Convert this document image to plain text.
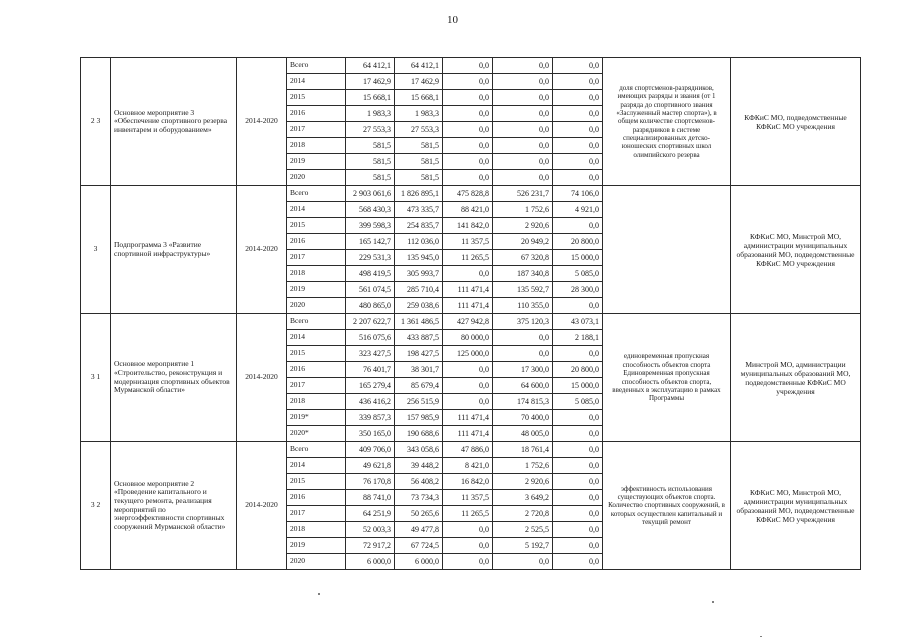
10
2 3	Основное мероприятие 3 «Обеспечение спортивного резерва инвентарем и оборудованием»	2014-2020	Всего	64 412,1	64 412,1	0,0	0,0	0,0	доля спортсменов-разрядников, имеющих разряды и звания (от 1 разряда до спортивного звания «Заслуженный мастер спорта»), в общем количестве спортсменов-разрядников в системе специализированных детско-юношеских спортивных школ олимпийского резерва	КФКиС МО, подведомственные КФКиС МО учреждения
			2014	17 462,9	17 462,9	0,0	0,0	0,0		
			2015	15 668,1	15 668,1	0,0	0,0	0,0		
			2016	1 983,3	1 983,3	0,0	0,0	0,0		
			2017	27 553,3	27 553,3	0,0	0,0	0,0		
			2018	581,5	581,5	0,0	0,0	0,0		
			2019	581,5	581,5	0,0	0,0	0,0		
			2020	581,5	581,5	0,0	0,0	0,0		
3	Подпрограмма 3 «Развитие спортивной инфраструктуры»	2014-2020	Всего	2 903 061,6	1 826 895,1	475 828,8	526 231,7	74 106,0		КФКиС МО, Минстрой МО, администрации муниципальных образований МО, подведомственные КФКиС МО учреждения
			2014	568 430,3	473 335,7	88 421,0	1 752,6	4 921,0		
			2015	399 598,3	254 835,7	141 842,0	2 920,6	0,0		
			2016	165 142,7	112 036,0	11 357,5	20 949,2	20 800,0		
			2017	229 531,3	135 945,0	11 265,5	67 320,8	15 000,0		
			2018	498 419,5	305 993,7	0,0	187 340,8	5 085,0		
			2019	561 074,5	285 710,4	111 471,4	135 592,7	28 300,0		
			2020	480 865,0	259 038,6	111 471,4	110 355,0	0,0		
3 1	Основное мероприятие 1 «Строительство, реконструкция и модернизация спортивных объектов Мурманской области»	2014-2020	Всего	2 207 622,7	1 361 486,5	427 942,8	375 120,3	43 073,1	единовременная пропускная способность объектов спорта Единовременная пропускная способность объектов спорта, введенных в эксплуатацию в рамках Программы	Минстрой МО, администрации муниципальных образований МО, подведомственные КФКиС МО учреждения
			2014	516 075,6	433 887,5	80 000,0	0,0	2 188,1		
			2015	323 427,5	198 427,5	125 000,0	0,0	0,0		
			2016	76 401,7	38 301,7	0,0	17 300,0	20 800,0		
			2017	165 279,4	85 679,4	0,0	64 600,0	15 000,0		
			2018	436 416,2	256 515,9	0,0	174 815,3	5 085,0		
			2019*	339 857,3	157 985,9	111 471,4	70 400,0	0,0		
			2020*	350 165,0	190 688,6	111 471,4	48 005,0	0,0		
3 2	Основное мероприятие 2 «Проведение капитального и текущего ремонта, реализация мероприятий по энергоэффективности спортивных сооружений Мурманской области»	2014-2020	Всего	409 706,0	343 058,6	47 886,0	18 761,4	0,0	эффективность использования существующих объектов спорта. Количество спортивных сооружений, в которых осуществлен капитальный и текущий ремонт	КФКиС МО, Минстрой МО, администрации муниципальных образований МО, подведомственные КФКиС МО учреждения
			2014	49 621,8	39 448,2	8 421,0	1 752,6	0,0		
			2015	76 170,8	56 408,2	16 842,0	2 920,6	0,0		
			2016	88 741,0	73 734,3	11 357,5	3 649,2	0,0		
			2017	64 251,9	50 265,6	11 265,5	2 720,8	0,0		
			2018	52 003,3	49 477,8	0,0	2 525,5	0,0		
			2019	72 917,2	67 724,5	0,0	5 192,7	0,0		
			2020	6 000,0	6 000,0	0,0	0,0	0,0		
